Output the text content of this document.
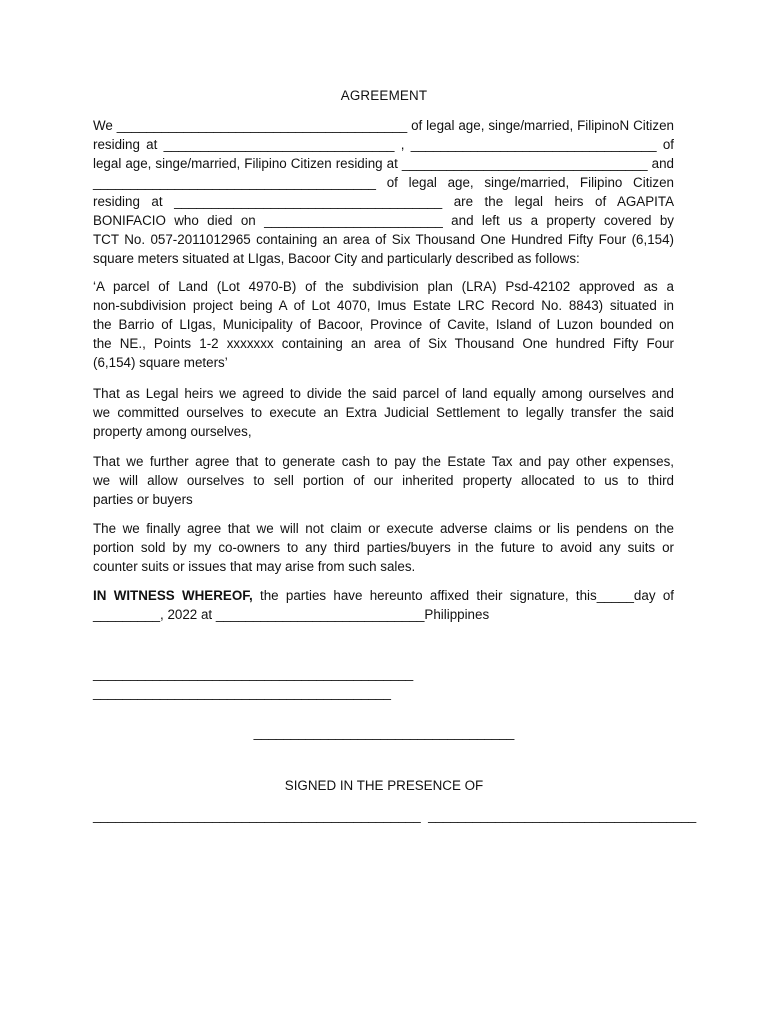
AGREEMENT
We _______________________________________ of legal age, singe/married, FilipinoN Citizen
residing at _______________________________ , _________________________________ of
legal age, singe/married, Filipino Citizen residing at _________________________________ and
______________________________________ of legal age, singe/married, Filipino Citizen
residing at ____________________________________ are the legal heirs of AGAPITA
BONIFACIO who died on ________________________ and left us a property covered by
TCT No. 057-2011012965 containing an area of Six Thousand One Hundred Fifty Four (6,154)
square meters situated at LIgas, Bacoor City and particularly described as follows:
‘A parcel of Land (Lot 4970-B) of the subdivision plan (LRA) Psd-42102 approved as a
non-subdivision project being A of Lot 4070, Imus Estate LRC Record No. 8843) situated in
the Barrio of LIgas, Municipality of Bacoor, Province of Cavite, Island of Luzon bounded on
the NE., Points 1-2 xxxxxxx containing an area of Six Thousand One hundred Fifty Four
(6,154) square meters’
That as Legal heirs we agreed to divide the said parcel of land equally among ourselves and
we committed ourselves to execute an Extra Judicial Settlement to legally transfer the said
property among ourselves,
That we further agree that to generate cash to pay the Estate Tax and pay other expenses,
we will allow ourselves to sell portion of our inherited property allocated to us to third
parties or buyers
The we finally agree that we will not claim or execute adverse claims or lis pendens on the
portion sold by my co-owners to any third parties/buyers in the future to avoid any suits or
counter suits or issues that may arise from such sales.
IN WITNESS WHEREOF, the parties have hereunto affixed their signature, this_____day of
_________, 2022 at ____________________________Philippines
___________________________________________ ________________________________________
___________________________________
SIGNED IN THE PRESENCE OF
____________________________________________  ____________________________________
